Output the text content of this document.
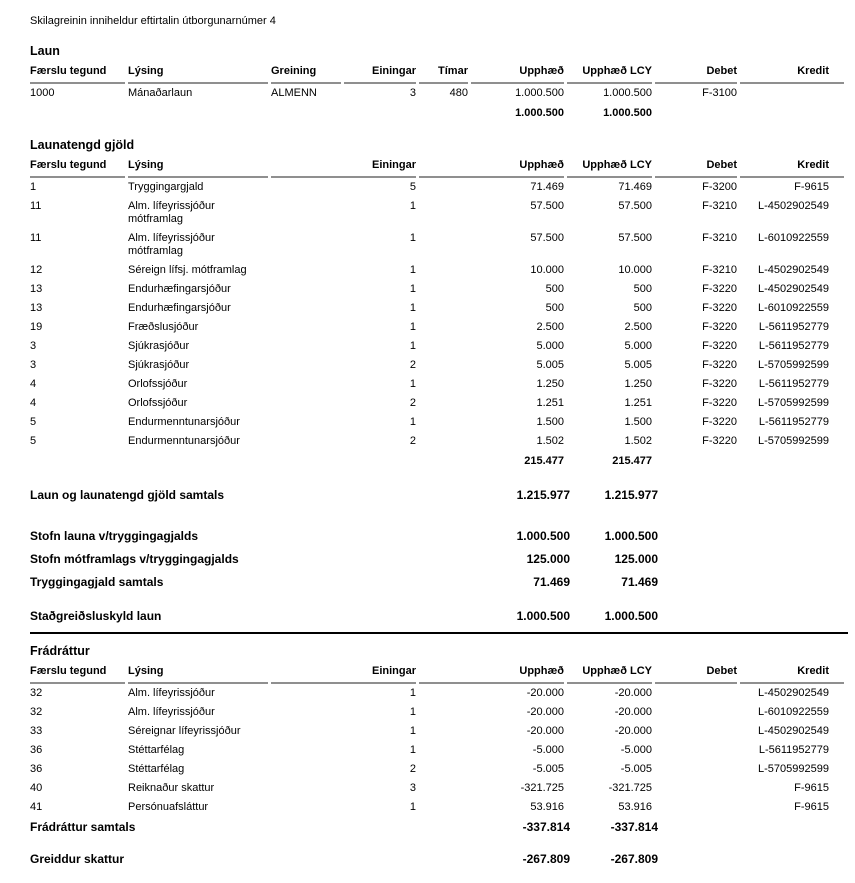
Skilagreinin inniheldur eftirtalin útborgunarnúmer 4

Laun
Færslu tegund	Lýsing	Greining	Einingar	Tímar	Upphæð	Upphæð LCY	Debet	Kredit
1000	Mánaðarlaun	ALMENN	3	480	1.000.500	1.000.500	F-3100	
					1.000.500	1.000.500		
Launatengd gjöld
Færslu tegund	Lýsing	Einingar	Upphæð	Upphæð LCY	Debet	Kredit
1	Tryggingargjald	5	71.469	71.469	F-3200	F-9615
11	Alm. lífeyrissjóður mótframlag	1	57.500	57.500	F-3210	L-4502902549
11	Alm. lífeyrissjóður mótframlag	1	57.500	57.500	F-3210	L-6010922559
12	Séreign lífsj. mótframlag	1	10.000	10.000	F-3210	L-4502902549
13	Endurhæfingarsjóður	1	500	500	F-3220	L-4502902549
13	Endurhæfingarsjóður	1	500	500	F-3220	L-6010922559
19	Fræðslusjóður	1	2.500	2.500	F-3220	L-5611952779
3	Sjúkrasjóður	1	5.000	5.000	F-3220	L-5611952779
3	Sjúkrasjóður	2	5.005	5.005	F-3220	L-5705992599
4	Orlofssjóður	1	1.250	1.250	F-3220	L-5611952779
4	Orlofssjóður	2	1.251	1.251	F-3220	L-5705992599
5	Endurmenntunarsjóður	1	1.500	1.500	F-3220	L-5611952779
5	Endurmenntunarsjóður	2	1.502	1.502	F-3220	L-5705992599
			215.477	215.477		
Laun og launatengd gjöld samtals	1.215.977	1.215.977
Stofn launa v/tryggingagjalds	1.000.500	1.000.500
Stofn mótframlags v/tryggingagjalds	125.000	125.000
Tryggingagjald samtals	71.469	71.469
Staðgreiðsluskyld laun	1.000.500	1.000.500
Frádráttur
Færslu tegund	Lýsing	Einingar	Upphæð	Upphæð LCY	Debet	Kredit
32	Alm. lífeyrissjóður	1	-20.000	-20.000		L-4502902549
32	Alm. lífeyrissjóður	1	-20.000	-20.000		L-6010922559
33	Séreignar lífeyrissjóður	1	-20.000	-20.000		L-4502902549
36	Stéttarfélag	1	-5.000	-5.000		L-5611952779
36	Stéttarfélag	2	-5.005	-5.005		L-5705992599
40	Reiknaður skattur	3	-321.725	-321.725		F-9615
41	Persónuafsláttur	1	53.916	53.916		F-9615
Frádráttur samtals	-337.814	-337.814
Greiddur skattur	-267.809	-267.809
